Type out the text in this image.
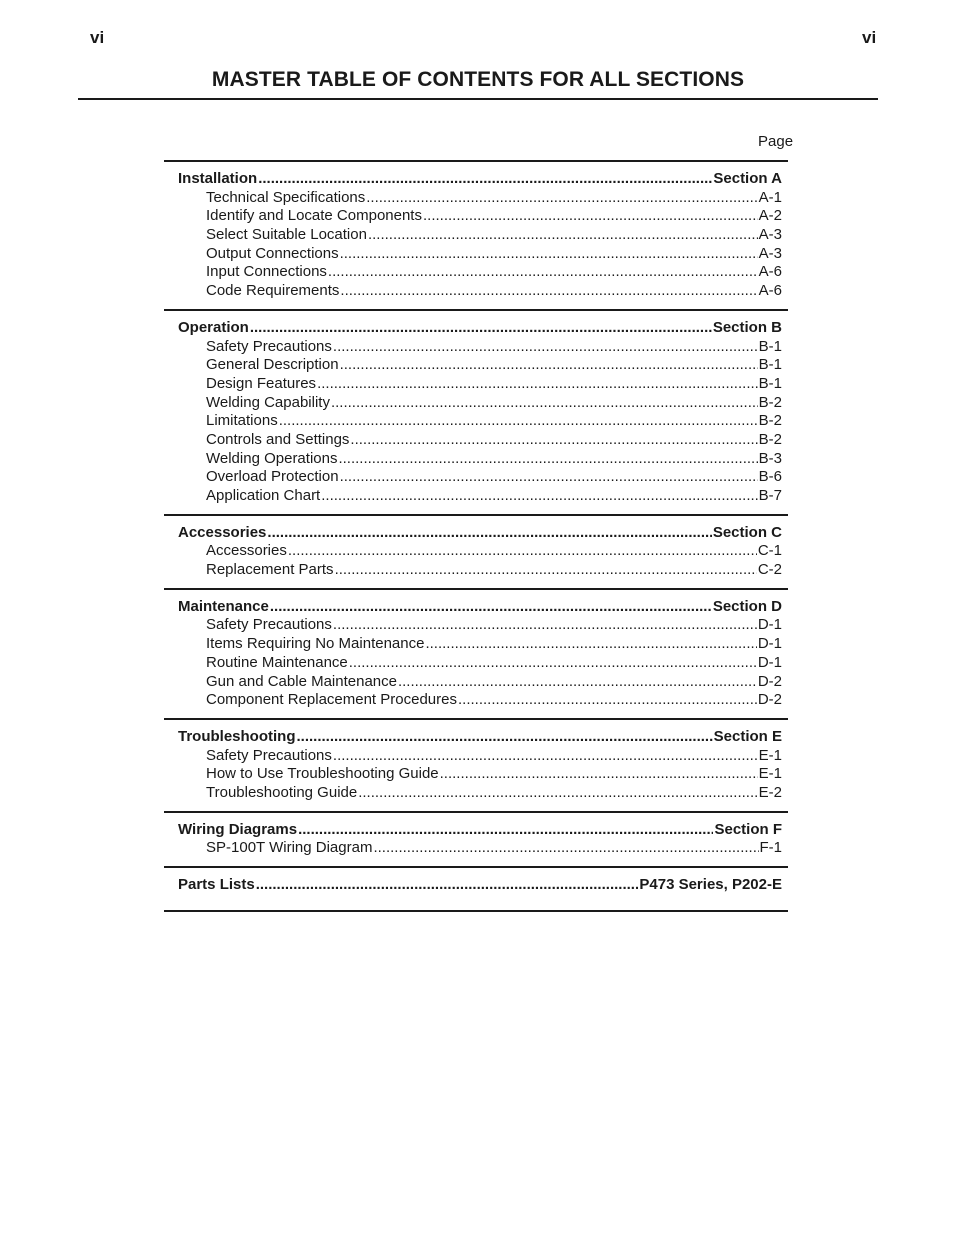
vi	vi
MASTER TABLE OF CONTENTS FOR ALL SECTIONS
Page
Installation .....	Section A
Technical Specifications .....	A-1
Identify and Locate Components .....	A-2
Select Suitable Location .....	A-3
Output Connections .....	A-3
Input Connections .....	A-6
Code Requirements .....	A-6
Operation .....	Section B
Safety Precautions .....	B-1
General Description .....	B-1
Design Features .....	B-1
Welding Capability .....	B-2
Limitations .....	B-2
Controls and Settings .....	B-2
Welding Operations .....	B-3
Overload Protection .....	B-6
Application Chart .....	B-7
Accessories .....	Section C
Accessories .....	C-1
Replacement Parts .....	C-2
Maintenance .....	Section D
Safety Precautions .....	D-1
Items Requiring No Maintenance .....	D-1
Routine Maintenance .....	D-1
Gun and Cable Maintenance .....	D-2
Component Replacement Procedures .....	D-2
Troubleshooting .....	Section E
Safety Precautions .....	E-1
How to Use Troubleshooting Guide .....	E-1
Troubleshooting Guide .....	E-2
Wiring Diagrams .....	Section F
SP-100T Wiring Diagram .....	F-1
Parts Lists .....	P473 Series, P202-E
